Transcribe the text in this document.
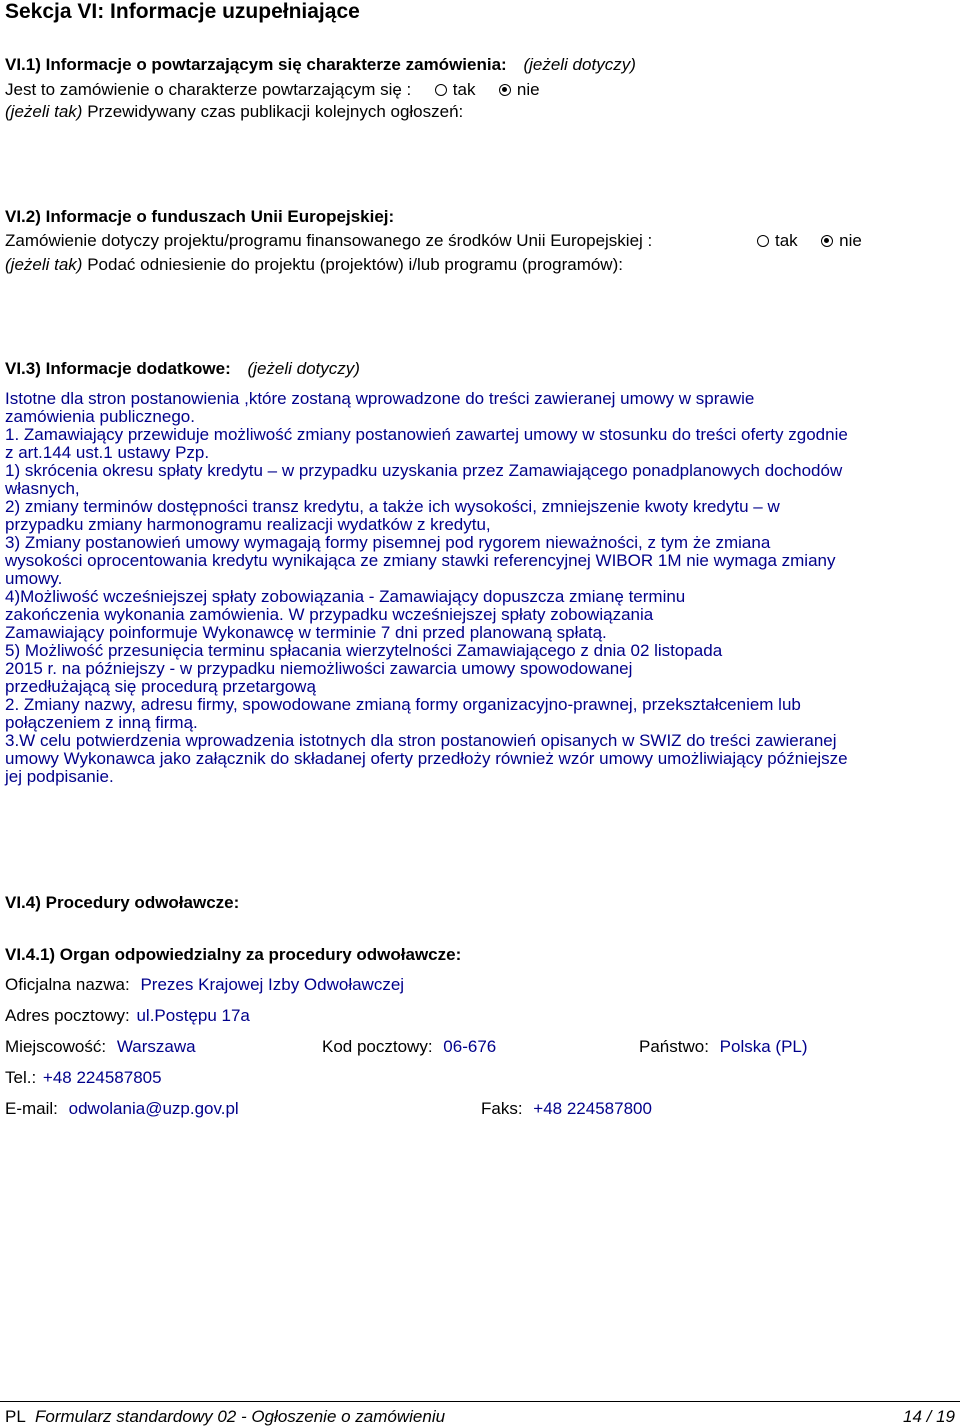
Sekcja VI: Informacje uzupełniające
VI.1) Informacje o powtarzającym się charakterze zamówienia: (jeżeli dotyczy)
Jest to zamówienie o charakterze powtarzającym się : tak nie
(jeżeli tak) Przewidywany czas publikacji kolejnych ogłoszeń:
VI.2) Informacje o funduszach Unii Europejskiej:
Zamówienie dotyczy projektu/programu finansowanego ze środków Unii Europejskiej :	tak nie
(jeżeli tak) Podać odniesienie do projektu (projektów) i/lub programu (programów):
VI.3) Informacje dodatkowe: (jeżeli dotyczy)
Istotne dla stron postanowienia ,które zostaną wprowadzone do treści zawieranej umowy w sprawie
zamówienia publicznego.
1. Zamawiający przewiduje możliwość zmiany postanowień zawartej umowy w stosunku do treści oferty zgodnie
z art.144 ust.1 ustawy Pzp.
1) skrócenia okresu spłaty kredytu – w przypadku uzyskania przez Zamawiającego ponadplanowych dochodów
własnych,
2) zmiany terminów dostępności transz kredytu, a także ich wysokości, zmniejszenie kwoty kredytu – w
przypadku zmiany harmonogramu realizacji wydatków z kredytu,
3) Zmiany postanowień umowy wymagają formy pisemnej pod rygorem nieważności, z tym że zmiana
wysokości oprocentowania kredytu wynikająca ze zmiany stawki referencyjnej WIBOR 1M nie wymaga zmiany
umowy.
4)Możliwość wcześniejszej spłaty zobowiązania - Zamawiający dopuszcza zmianę terminu
zakończenia wykonania zamówienia. W przypadku wcześniejszej spłaty zobowiązania
Zamawiający poinformuje Wykonawcę w terminie 7 dni przed planowaną spłatą.
5) Możliwość przesunięcia terminu spłacania wierzytelności Zamawiającego z dnia 02 listopada
2015 r. na późniejszy - w przypadku niemożliwości zawarcia umowy spowodowanej
przedłużającą się procedurą przetargową
2. Zmiany nazwy, adresu firmy, spowodowane zmianą formy organizacyjno-prawnej, przekształceniem lub
połączeniem z inną firmą.
3.W celu potwierdzenia wprowadzenia istotnych dla stron postanowień opisanych w SWIZ do treści zawieranej
umowy Wykonawca jako załącznik do składanej oferty przedłoży również wzór umowy umożliwiający późniejsze
jej podpisanie.
VI.4) Procedury odwoławcze:
VI.4.1) Organ odpowiedzialny za procedury odwoławcze:
Oficjalna nazwa: Prezes Krajowej Izby Odwoławczej
Adres pocztowy: ul.Postępu 17a
Miejscowość: Warszawa	Kod pocztowy: 06-676	Państwo: Polska (PL)
Tel.: +48 224587805
E-mail: odwolania@uzp.gov.pl	Faks: +48 224587800
PL Formularz standardowy 02 - Ogłoszenie o zamówieniu	14 / 19
